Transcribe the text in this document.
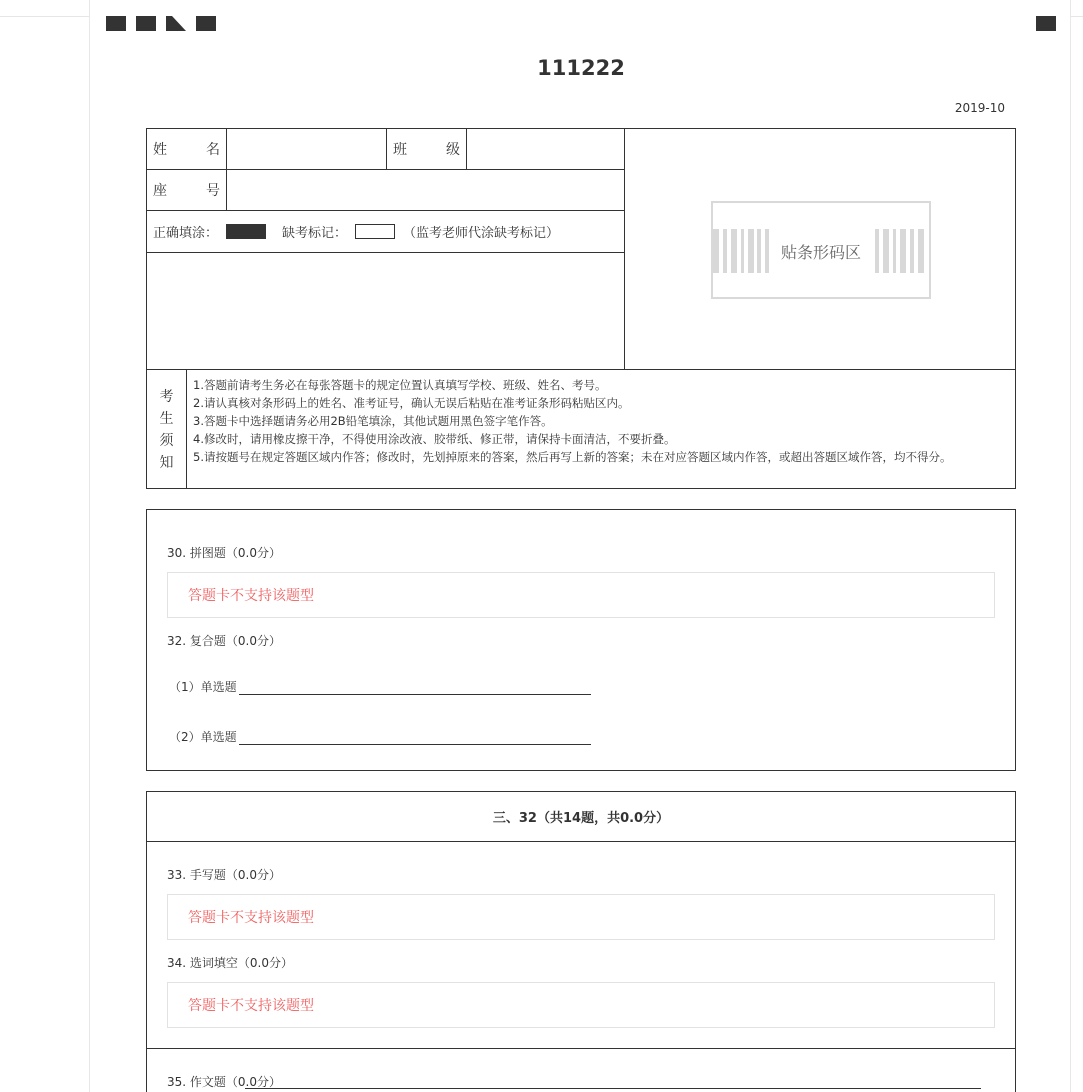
111222
2019-10
姓	名	班	级
座	号
正确填涂：	缺考标记：	（监考老师代涂缺考标记）
贴条形码区
考
生
须
知
1.答题前请考生务必在每张答题卡的规定位置认真填写学校、班级、姓名、考号。
2.请认真核对条形码上的姓名、准考证号，确认无误后粘贴在准考证条形码粘贴区内。
3.答题卡中选择题请务必用2B铅笔填涂，其他试题用黑色签字笔作答。
4.修改时，请用橡皮擦干净，不得使用涂改液、胶带纸、修正带，请保持卡面清洁，不要折叠。
5.请按题号在规定答题区域内作答；修改时，先划掉原来的答案，然后再写上新的答案；未在对应答题区域内作答，或超出答题区域作答，均不得分。
30. 拼图题（0.0分）
答题卡不支持该题型
32. 复合题（0.0分）
（1）单选题
（2）单选题
三、32（共14题，共0.0分）
33. 手写题（0.0分）
答题卡不支持该题型
34. 选词填空（0.0分）
答题卡不支持该题型
35. 作文题（0.0分）
